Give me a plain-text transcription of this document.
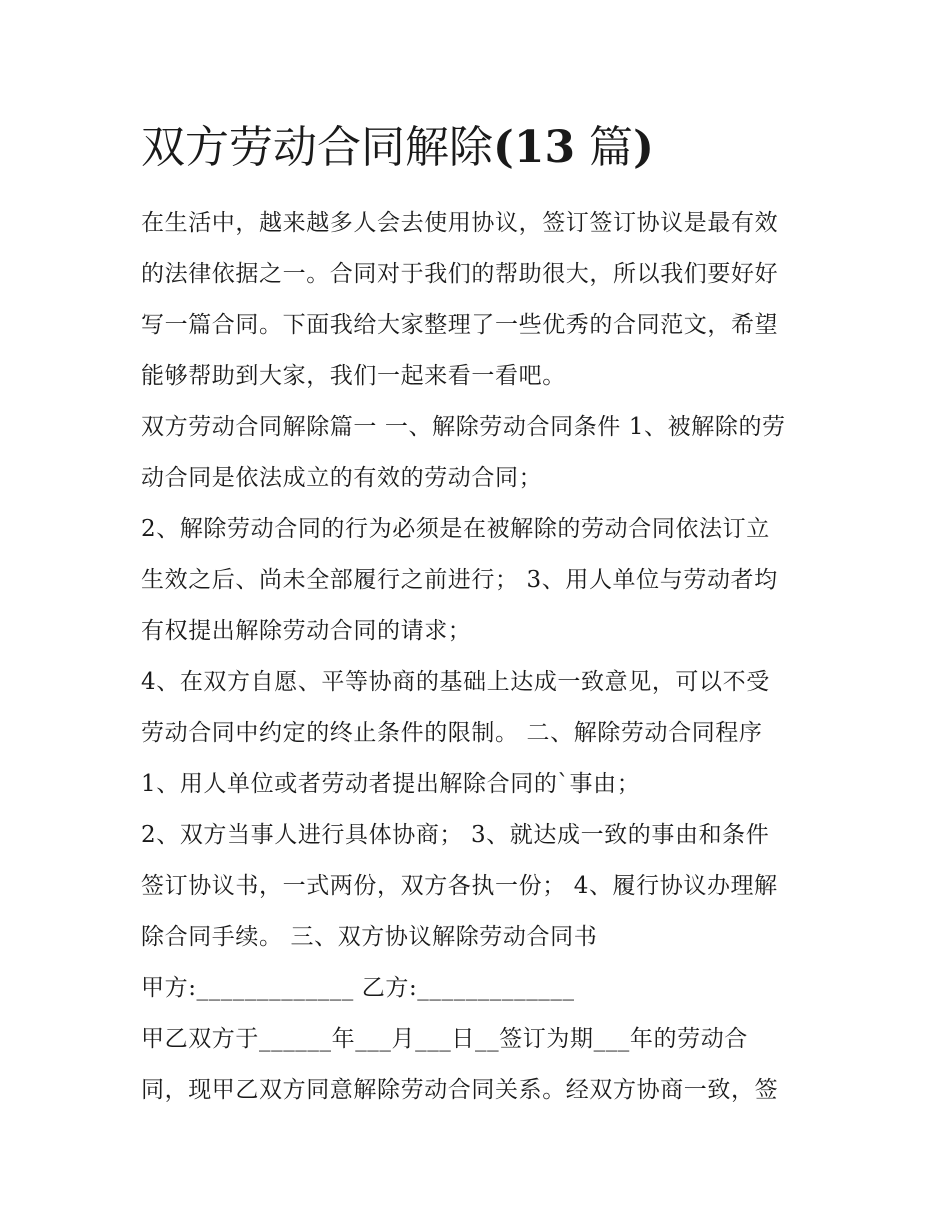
双方劳动合同解除(13 篇)

在生活中，越来越多人会去使用协议，签订签订协议是最有效
的法律依据之一。合同对于我们的帮助很大，所以我们要好好
写一篇合同。下面我给大家整理了一些优秀的合同范文，希望
能够帮助到大家，我们一起来看一看吧。

双方劳动合同解除篇一 一、解除劳动合同条件 1、被解除的劳
动合同是依法成立的有效的劳动合同；

2、解除劳动合同的行为必须是在被解除的劳动合同依法订立
生效之后、尚未全部履行之前进行； 3、用人单位与劳动者均
有权提出解除劳动合同的请求；

4、在双方自愿、平等协商的基础上达成一致意见，可以不受
劳动合同中约定的终止条件的限制。 二、解除劳动合同程序

1、用人单位或者劳动者提出解除合同的`事由；

2、双方当事人进行具体协商； 3、就达成一致的事由和条件
签订协议书，一式两份，双方各执一份； 4、履行协议办理解
除合同手续。 三、双方协议解除劳动合同书

甲方:_____________ 乙方:_____________

甲乙双方于______年___月___日__签订为期___年的劳动合
同，现甲乙双方同意解除劳动合同关系。经双方协商一致，签
